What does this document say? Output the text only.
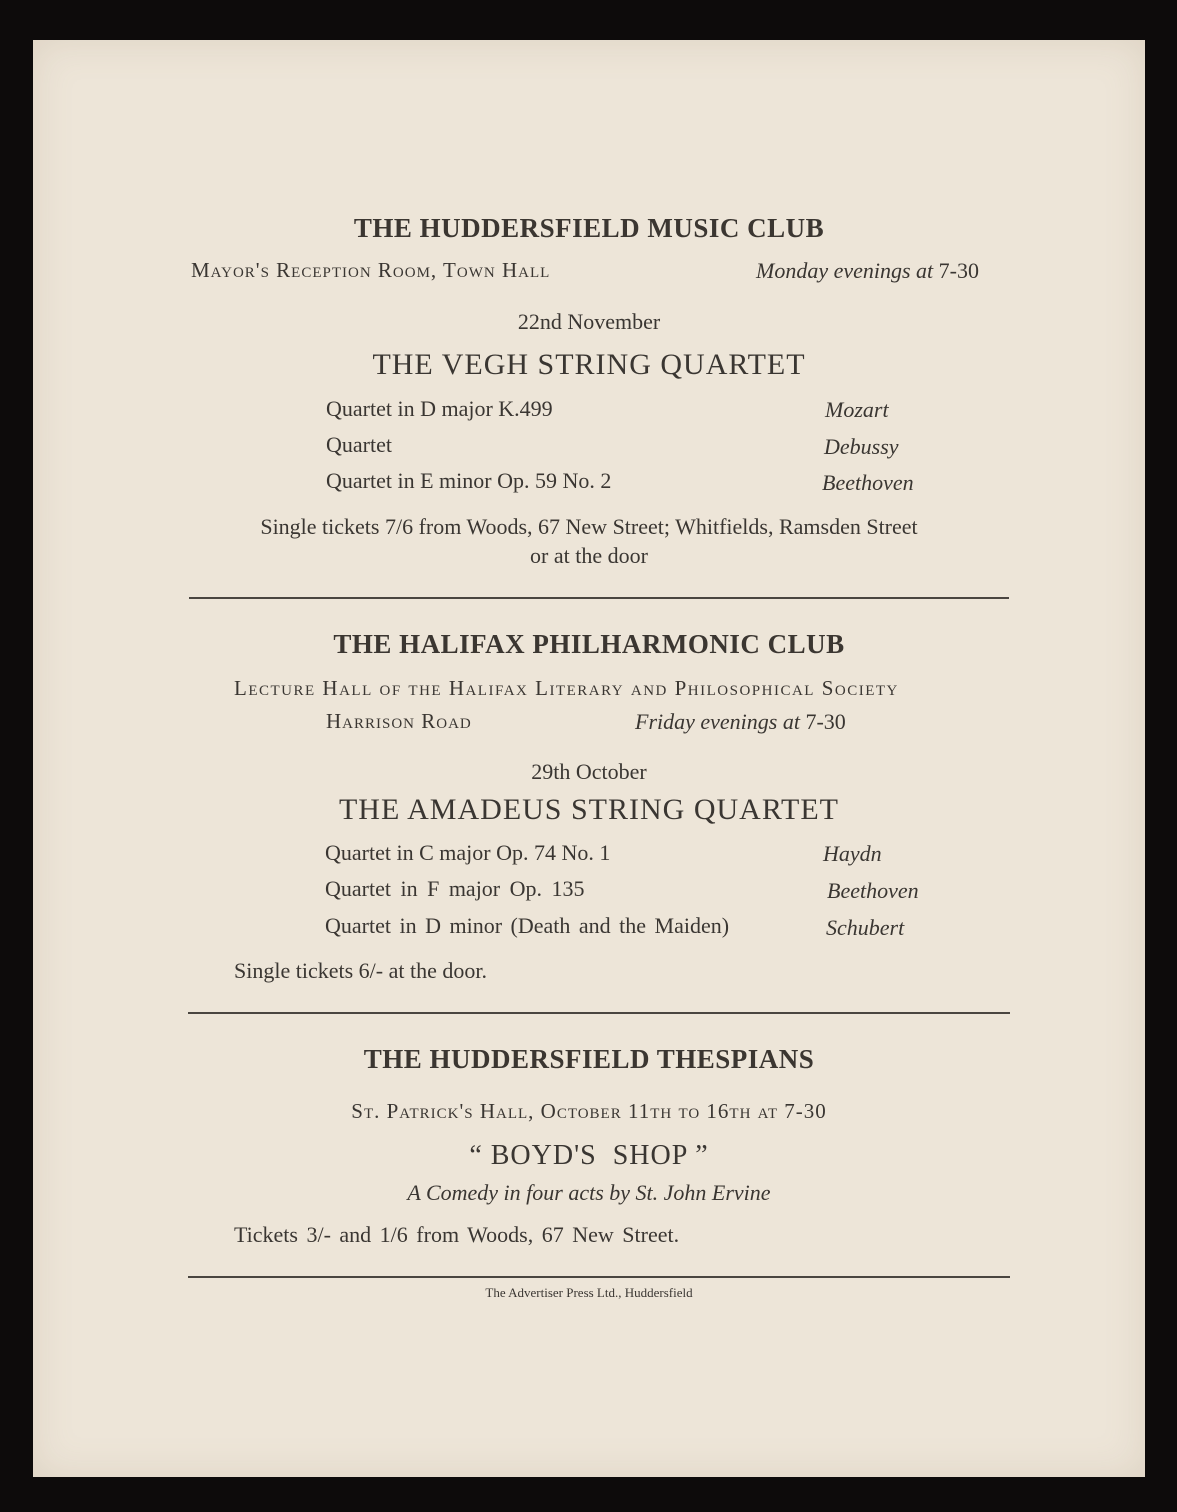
THE HUDDERSFIELD MUSIC CLUB
Mayor's Reception Room, Town Hall	Monday evenings at 7-30
22nd November
THE VEGH STRING QUARTET
Quartet in D major K.499	Mozart
Quartet	Debussy
Quartet in E minor Op. 59 No. 2	Beethoven
Single tickets 7/6 from Woods, 67 New Street; Whitfields, Ramsden Street
or at the door
THE HALIFAX PHILHARMONIC CLUB
Lecture Hall of the Halifax Literary and Philosophical Society
Harrison Road	Friday evenings at 7-30
29th October
THE AMADEUS STRING QUARTET
Quartet in C major Op. 74 No. 1	Haydn
Quartet in F major Op. 135	Beethoven
Quartet in D minor (Death and the Maiden)	Schubert
Single tickets 6/- at the door.
THE HUDDERSFIELD THESPIANS
St. Patrick's Hall, October 11th to 16th at 7-30
“ BOYD'S  SHOP ”
A Comedy in four acts by St. John Ervine
Tickets 3/- and 1/6 from Woods, 67 New Street.
The Advertiser Press Ltd., Huddersfield
